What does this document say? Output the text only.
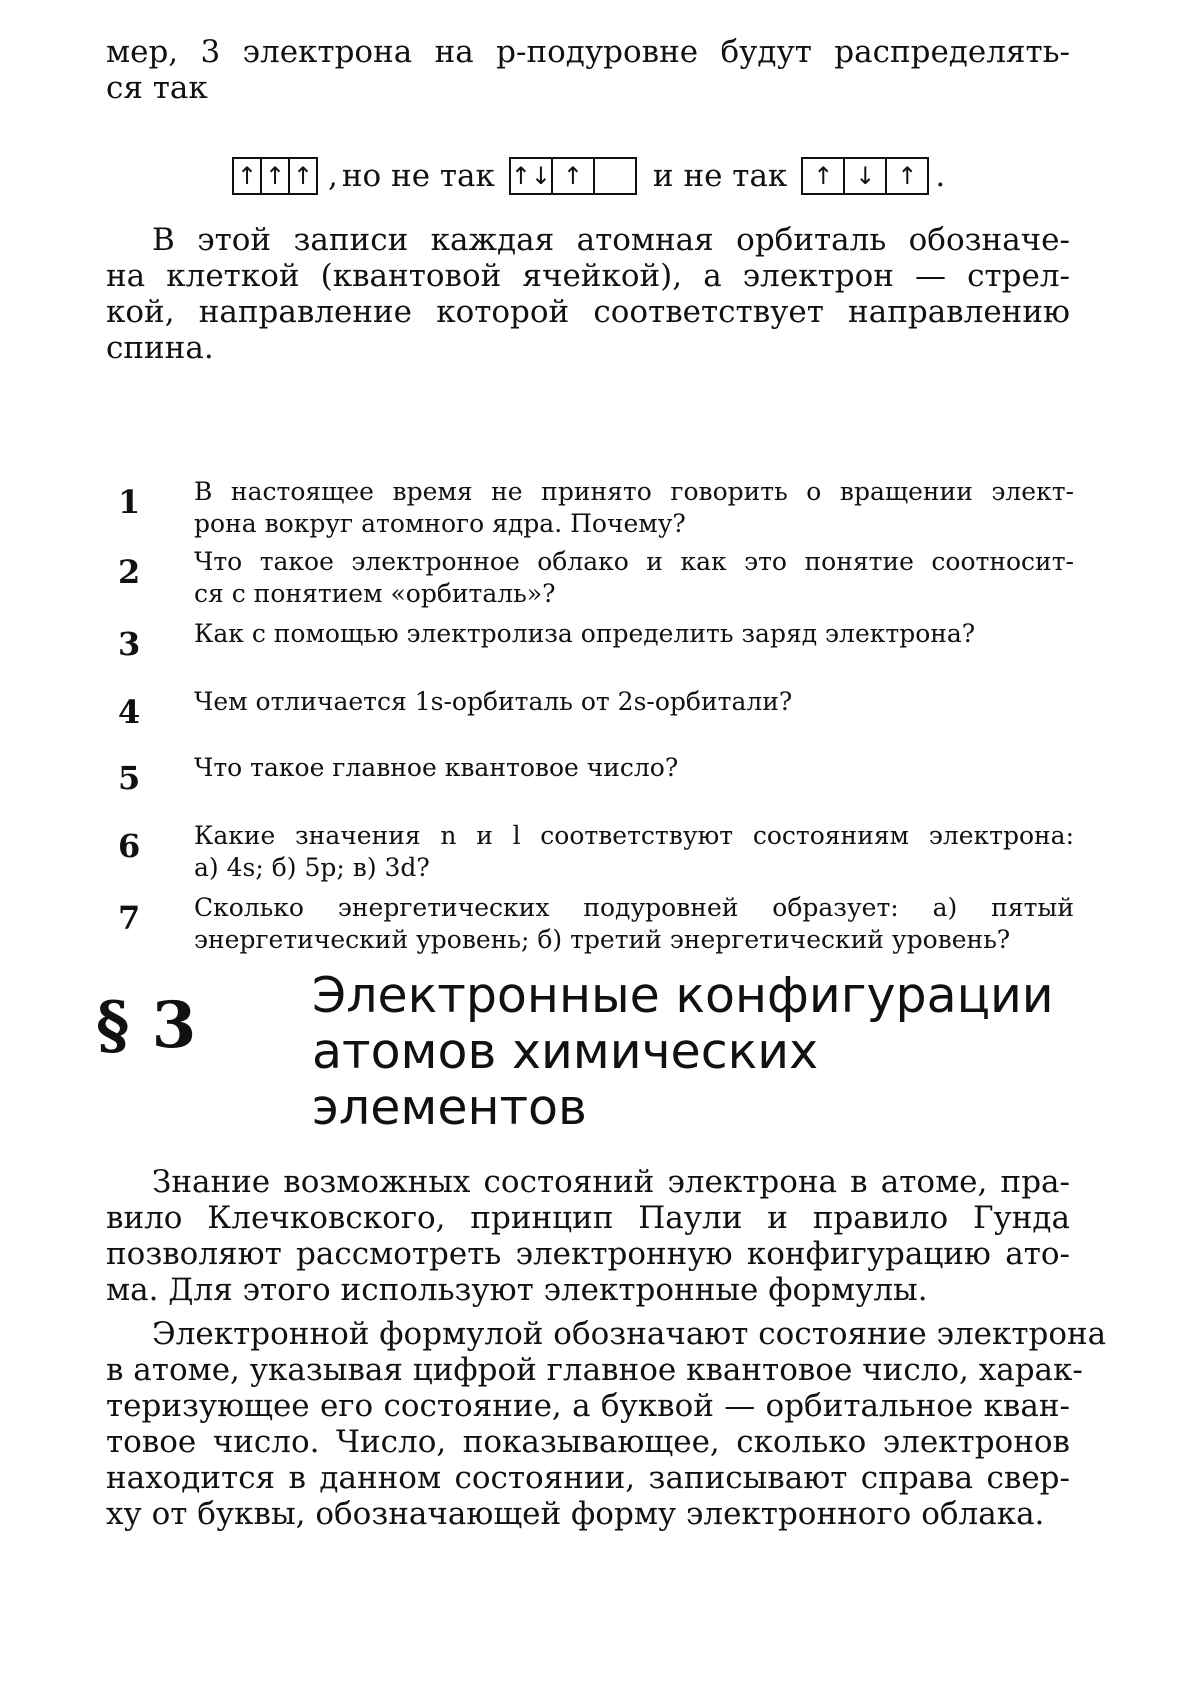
мер, 3 электрона на p-подуровне будут распределять-
ся так
↑ ↑ ↑ , но не так ↑↓ ↑	и не так	↑ ↓ ↑ .
В этой записи каждая атомная орбиталь обозначе-
на клеткой (квантовой ячейкой), а электрон — стрел-
кой, направление которой соответствует направлению
спина.
1	В настоящее время не принято говорить о вращении элект-
рона вокруг атомного ядра. Почему?
2	Что такое электронное облако и как это понятие соотносит-
ся с понятием «орбиталь»?
3	Как с помощью электролиза определить заряд электрона?
4	Чем отличается 1s-орбиталь от 2s-орбитали?
5	Что такое главное квантовое число?
6	Какие значения n и l соответствуют состояниям электрона:
а) 4s; б) 5p; в) 3d?
7	Сколько энергетических подуровней образует: а) пятый
энергетический уровень; б) третий энергетический уровень?
§ 3 Электронные конфигурации
атомов химических
элементов
Знание возможных состояний электрона в атоме, пра-
вило Клечковского, принцип Паули и правило Гунда
позволяют рассмотреть электронную конфигурацию ато-
ма. Для этого используют электронные формулы.
Электронной формулой обозначают состояние электрона
в атоме, указывая цифрой главное квантовое число, харак-
теризующее его состояние, а буквой — орбитальное кван-
товое число. Число, показывающее, сколько электронов
находится в данном состоянии, записывают справа свер-
ху от буквы, обозначающей форму электронного облака.
